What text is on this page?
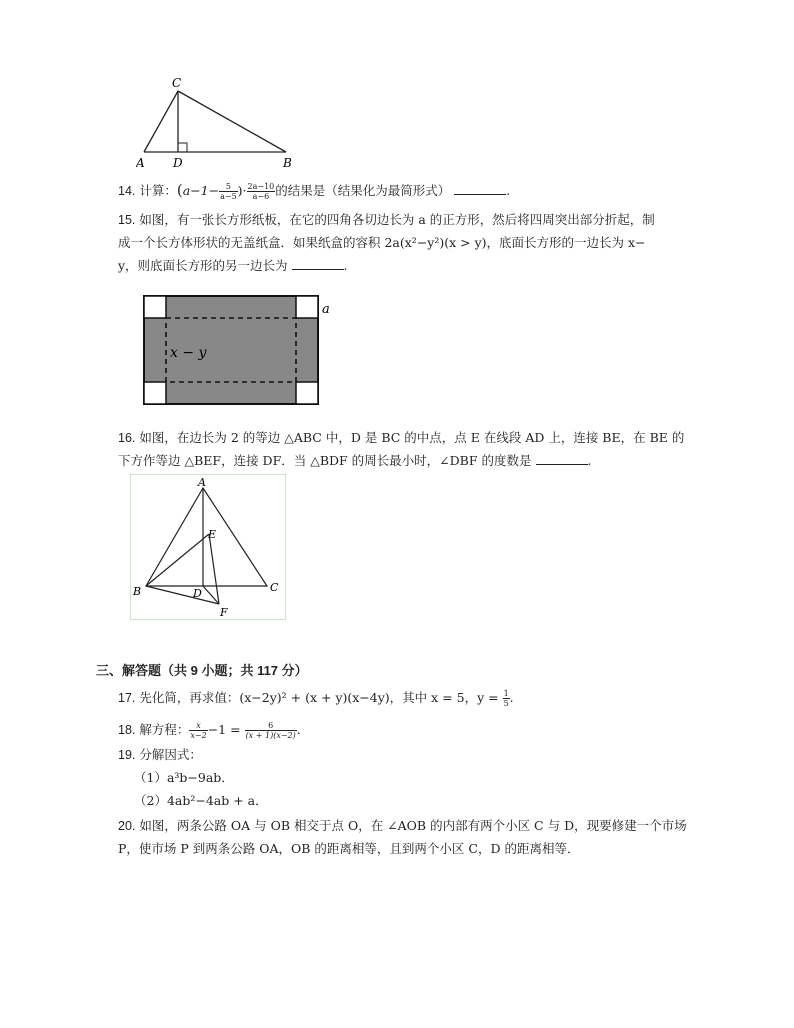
C
A D	B
14. 计算：($a-1- \frac{5}{a-5}$ )· $\frac{2a-10}{a-6}$ 的结果是（结果化为最简形式）	.
15. 如图，有一张长方形纸板，在它的四角各切边长为 a 的正方形，然后将四周突出部分折起，制
成一个长方体形状的无盖纸盒．如果纸盒的容积 2a(x²−y²)(x > y)，底面长方形的一边长为 x−
y，则底面长方形的另一边长为	.
a
x − y
16. 如图，在边长为 2 的等边 △ABC 中，D 是 BC 的中点，点 E 在线段 AD 上，连接 BE，在 BE 的
下方作等边 △BEF，连接 DF．当 △BDF 的周长最小时，∠DBF 的度数是	.
A
B	C
D
E
F
三、解答题（共 9 小题；共 117 分）
17. 先化简，再求值：(x−2y)² + (x + y)(x−4y)，其中 x = 5，$y = \frac{1}{5}$ .
18. 解方程： $\frac{x}{x-2} -1 = \frac{6}{(x + 1)(x-2)}$ .
19. 分解因式：
（1）a³b−9ab．
（2）4ab²−4ab + a．
20. 如图，两条公路 OA 与 OB 相交于点 O，在 ∠AOB 的内部有两个小区 C 与 D，现要修建一个市场
P，使市场 P 到两条公路 OA，OB 的距离相等，且到两个小区 C，D 的距离相等．
